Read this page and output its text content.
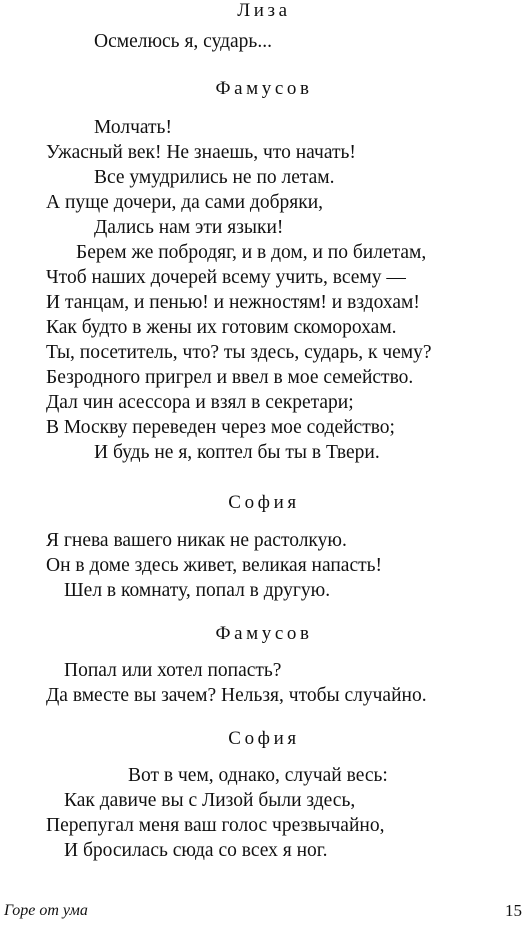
Лиза
Осмелюсь я, сударь...
Фамусов
Молчать!
Ужасный век! Не знаешь, что начать!
Все умудрились не по летам.
А пуще дочери, да сами добряки,
Дались нам эти языки!
Берем же побродяг, и в дом, и по билетам,
Чтоб наших дочерей всему учить, всему —
И танцам, и пенью! и нежностям! и вздохам!
Как будто в жены их готовим скоморохам.
Ты, посетитель, что? ты здесь, сударь, к чему?
Безродного пригрел и ввел в мое семейство.
Дал чин асессора и взял в секретари;
В Москву переведен через мое содейство;
И будь не я, коптел бы ты в Твери.
София
Я гнева вашего никак не растолкую.
Он в доме здесь живет, великая напасть!
Шел в комнату, попал в другую.
Фамусов
Попал или хотел попасть?
Да вместе вы зачем? Нельзя, чтобы случайно.
София
Вот в чем, однако, случай весь:
Как давиче вы с Лизой были здесь,
Перепугал меня ваш голос чрезвычайно,
И бросилась сюда со всех я ног.
Горе от ума	15
